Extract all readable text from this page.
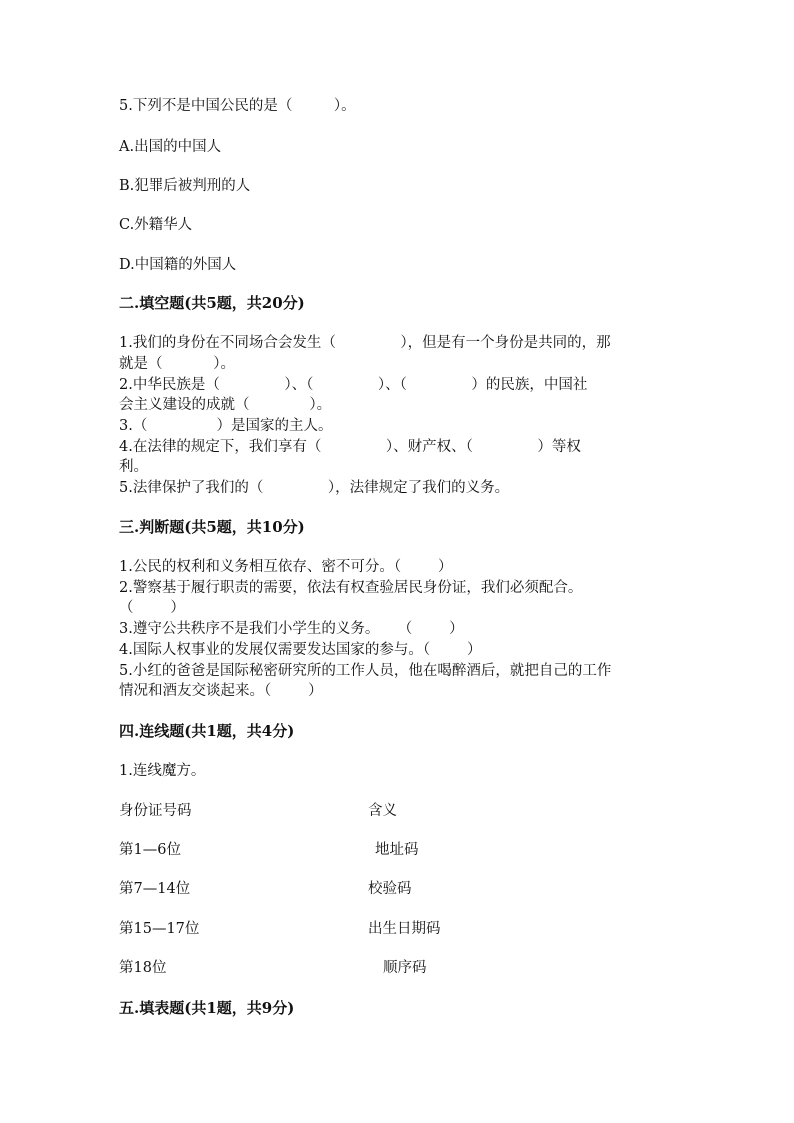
5.下列不是中国公民的是（         ）。
A.出国的中国人
B.犯罪后被判刑的人
C.外籍华人
D.中国籍的外国人
二.填空题(共5题，共20分)
1.我们的身份在不同场合会发生（              ），但是有一个身份是共同的，那
就是（           ）。
2.中华民族是（              ）、（              ）、（              ）的民族，中国社
会主义建设的成就（             ）。
3.（               ）是国家的主人。
4.在法律的规定下，我们享有（              ）、财产权、（              ）等权
利。
5.法律保护了我们的（              ），法律规定了我们的义务。
三.判断题(共5题，共10分)
1.公民的权利和义务相互依存、密不可分。（        ）
2.警察基于履行职责的需要，依法有权查验居民身份证，我们必须配合。
（        ）
3.遵守公共秩序不是我们小学生的义务。    （        ）
4.国际人权事业的发展仅需要发达国家的参与。（        ）
5.小红的爸爸是国际秘密研究所的工作人员，他在喝醉酒后，就把自己的工作
情况和酒友交谈起来。（        ）
四.连线题(共1题，共4分)
1.连线魔方。
身份证号码	含义
第1—6位	地址码
第7—14位	校验码
第15—17位	出生日期码
第18位	顺序码
五.填表题(共1题，共9分)
